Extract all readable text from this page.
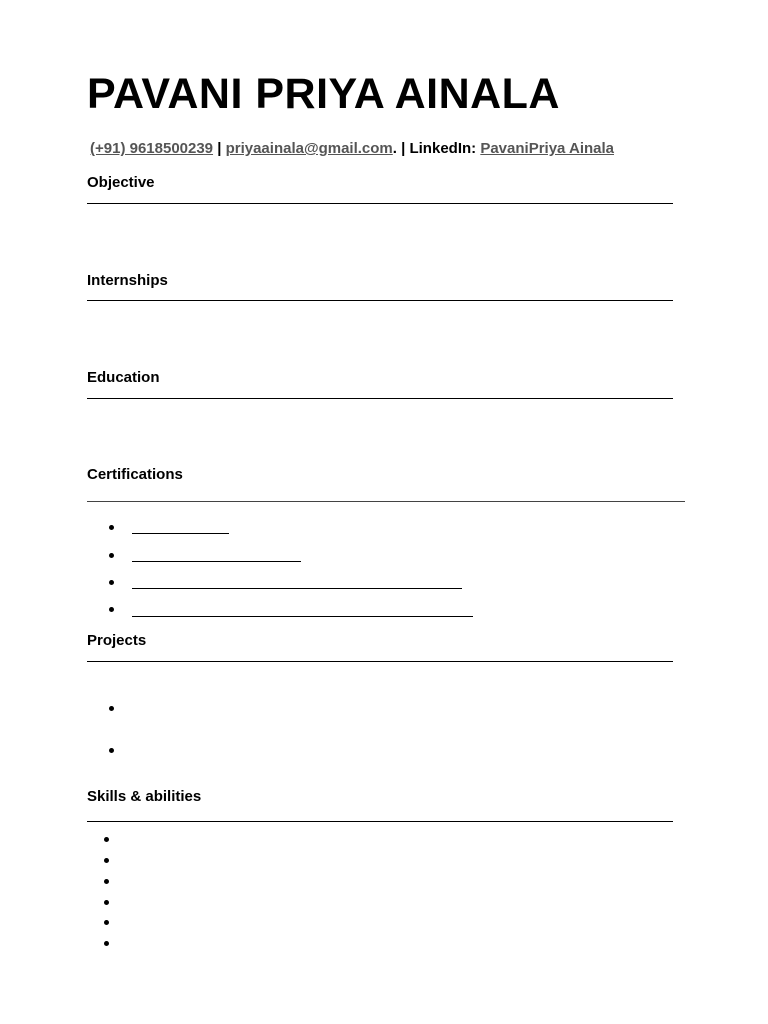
PAVANI PRIYA AINALA
(+91) 9618500239 | priyaainala@gmail.com. | LinkedIn: PavaniPriya Ainala
Objective
Internships
Education
Certifications
Projects
Skills & abilities
